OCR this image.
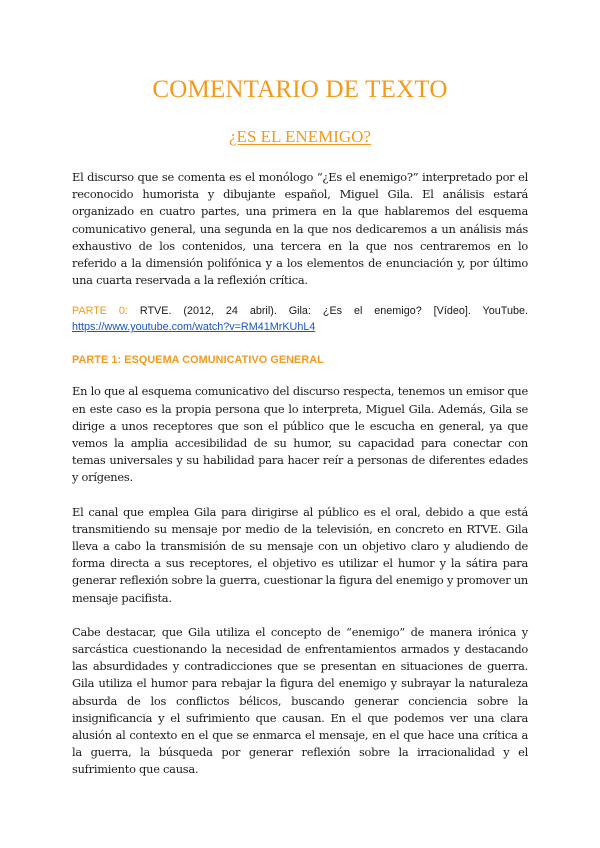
COMENTARIO DE TEXTO
¿ES EL ENEMIGO?

El discurso que se comenta es el monólogo “¿Es el enemigo?” interpretado por el reconocido humorista y dibujante español, Miguel Gila. El análisis estará organizado en cuatro partes, una primera en la que hablaremos del esquema comunicativo general, una segunda en la que nos dedicaremos a un análisis más exhaustivo de los contenidos, una tercera en la que nos centraremos en lo referido a la dimensión polifónica y a los elementos de enunciación y, por último una cuarta reservada a la reflexión crítica.

PARTE 0: RTVE. (2012, 24 abril). Gila: ¿Es el enemigo? [Vídeo]. YouTube. https://www.youtube.com/watch?v=RM41MrKUhL4

PARTE 1: ESQUEMA COMUNICATIVO GENERAL

En lo que al esquema comunicativo del discurso respecta, tenemos un emisor que en este caso es la propia persona que lo interpreta, Miguel Gila. Además, Gila se dirige a unos receptores que son el público que le escucha en general, ya que vemos la amplia accesibilidad de su humor, su capacidad para conectar con temas universales y su habilidad para hacer reír a personas de diferentes edades y orígenes.

El canal que emplea Gila para dirigirse al público es el oral, debido a que está transmitiendo su mensaje por medio de la televisión, en concreto en RTVE. Gila lleva a cabo la transmisión de su mensaje con un objetivo claro y aludiendo de forma directa a sus receptores, el objetivo es utilizar el humor y la sátira para generar reflexión sobre la guerra, cuestionar la figura del enemigo y promover un mensaje pacifista.

Cabe destacar, que Gila utiliza el concepto de “enemigo” de manera irónica y sarcástica cuestionando la necesidad de enfrentamientos armados y destacando las absurdidades y contradicciones que se presentan en situaciones de guerra. Gila utiliza el humor para rebajar la figura del enemigo y subrayar la naturaleza absurda de los conflictos bélicos, buscando generar conciencia sobre la insignificancia y el sufrimiento que causan. En el que podemos ver una clara alusión al contexto en el que se enmarca el mensaje, en el que hace una crítica a la guerra, la búsqueda por generar reflexión sobre la irracionalidad y el sufrimiento que causa.
